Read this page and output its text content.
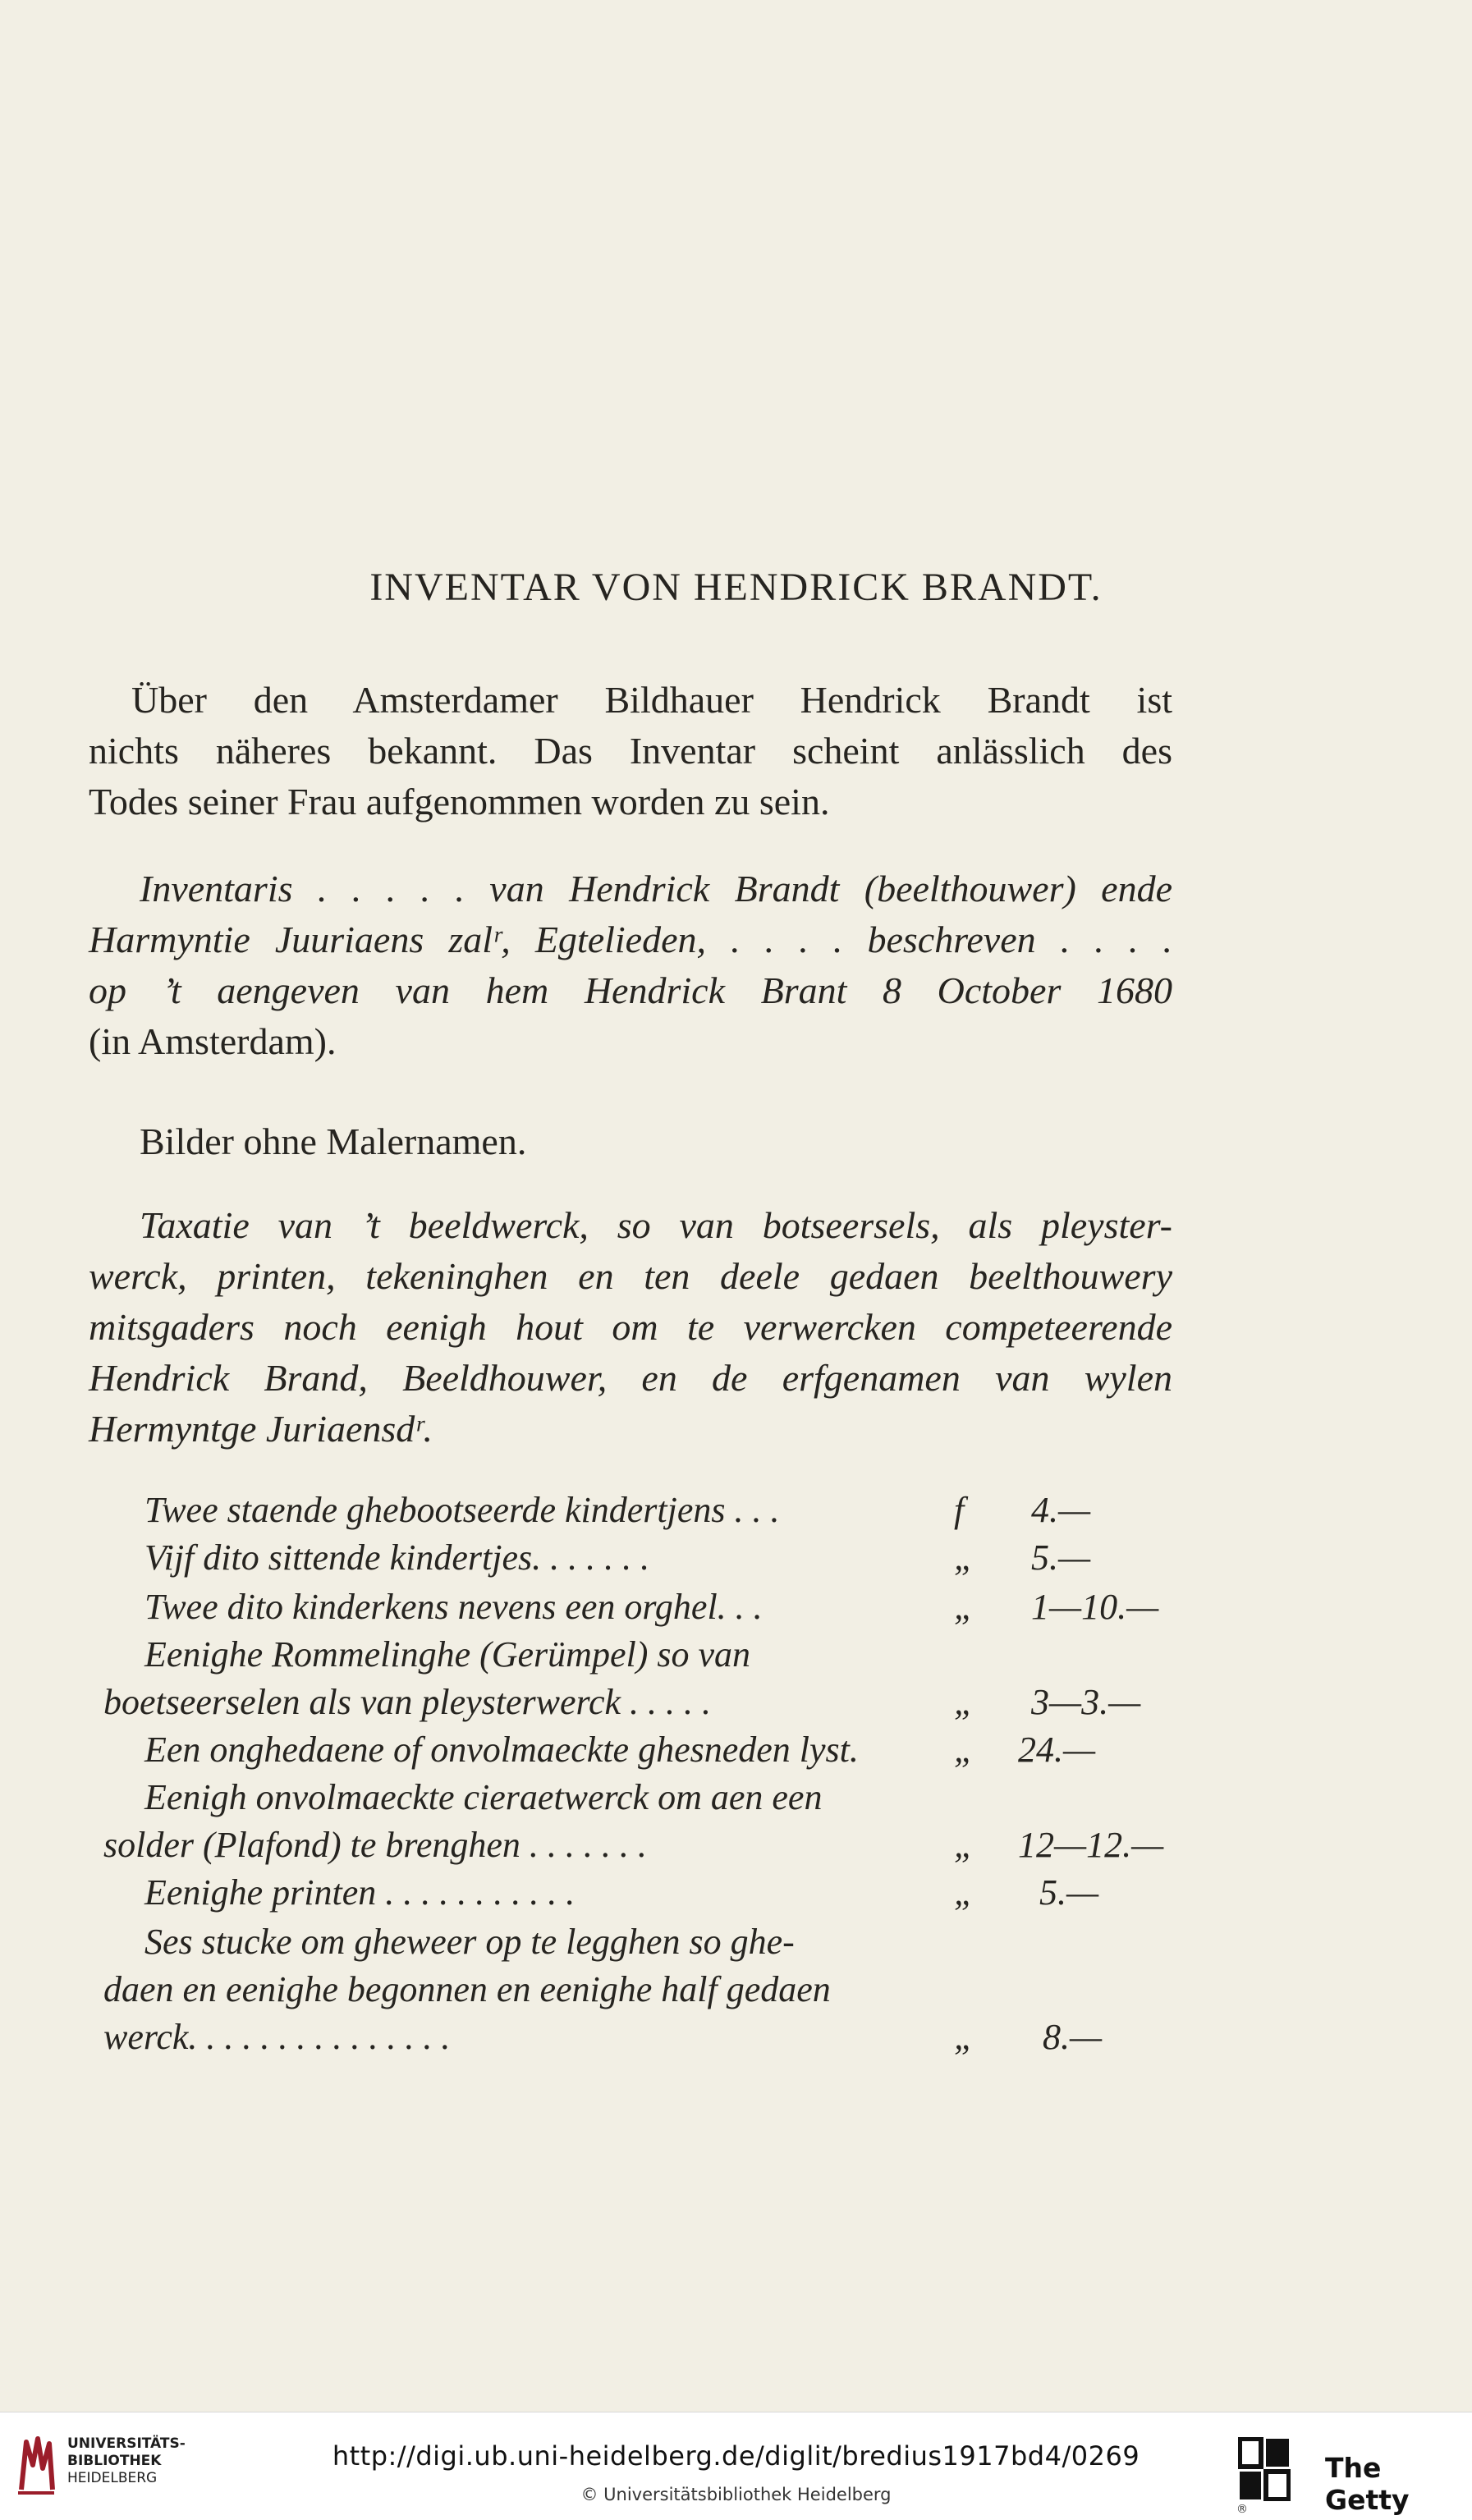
INVENTAR VON HENDRICK BRANDT.
Über den Amsterdamer Bildhauer Hendrick Brandt ist
nichts näheres bekannt. Das Inventar scheint anlässlich des
Todes seiner Frau aufgenommen worden zu sein.
Inventaris . . . . . van Hendrick Brandt (beelthouwer) ende
Harmyntie Juuriaens zalʳ, Egtelieden, . . . . beschreven . . . .
op ’t aengeven van hem Hendrick Brant 8 October 1680
(in Amsterdam).
Bilder ohne Malernamen.
Taxatie van ’t beeldwerck, so van botseersels, als pleyster-
werck, printen, tekeninghen en ten deele gedaen beelthouwery
mitsgaders noch eenigh hout om te verwercken competeerende
Hendrick Brand, Beeldhouwer, en de erfgenamen van wylen
Hermyntge Juriaensdʳ.
Twee staende ghebootseerde kindertjens . . .	f 4.—
Vijf dito sittende kindertjes. . . . . . .	„ 5.—
Twee dito kinderkens nevens een orghel. . .	„ 1—10.—
Eenighe Rommelinghe (Gerümpel) so van
boetseerselen als van pleysterwerck . . . . .	„ 3—3.—
Een onghedaene of onvolmaeckte ghesneden lyst.	„ 24.—
Eenigh onvolmaeckte cieraetwerck om aen een
solder (Plafond) te brenghen . . . . . . .	„ 12—12.—
Eenighe printen . . . . . . . . . . .	„ 5.—
Ses stucke om gheweer op te legghen so ghe-
daen en eenighe begonnen en eenighe half gedaen
werck. . . . . . . . . . . . . . .	„ 8.—
UNIVERSITÄTS-
BIBLIOTHEK
HEIDELBERG
http://digi.ub.uni-heidelberg.de/diglit/bredius1917bd4/0269
© Universitätsbibliothek Heidelberg
®
The Getty
